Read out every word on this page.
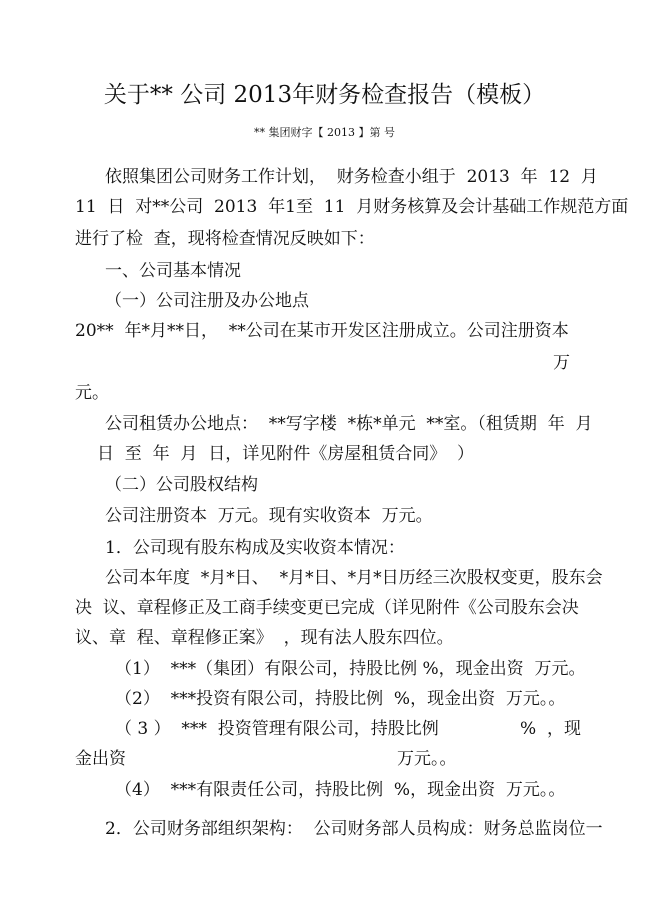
关于** 公司 2013年财务检查报告（模板）
** 集团财字【 2013 】第 号
依照集团公司财务工作计划，  财务检查小组于  2013  年  12  月
11  日  对**公司  2013  年1至  11  月财务核算及会计基础工作规范方面
进行了检  查，现将检查情况反映如下：
一、公司基本情况
（一）公司注册及办公地点
20**  年*月**日，  **公司在某市开发区注册成立。公司注册资本
万
元。
公司租赁办公地点：  **写字楼  *栋*单元  **室。（租赁期  年  月
日  至  年  月  日，详见附件《房屋租赁合同》  ）
（二）公司股权结构
公司注册资本  万元。现有实收资本  万元。
1．公司现有股东构成及实收资本情况：
公司本年度  *月*日、  *月*日、*月*日历经三次股权变更，股东会
决  议、章程修正及工商手续变更已完成（详见附件《公司股东会决
议、章  程、章程修正案》  ，现有法人股东四位。
（1）  ***（集团）有限公司，持股比例 %，现金出资  万元。
（2）  ***投资有限公司，持股比例  %，现金出资  万元。。
（ 3 ）  ***  投资管理有限公司，持股比例	%  ，现
金出资	万元。。
（4）  ***有限责任公司，持股比例  %，现金出资  万元。。
2．公司财务部组织架构：  公司财务部人员构成：财务总监岗位一
